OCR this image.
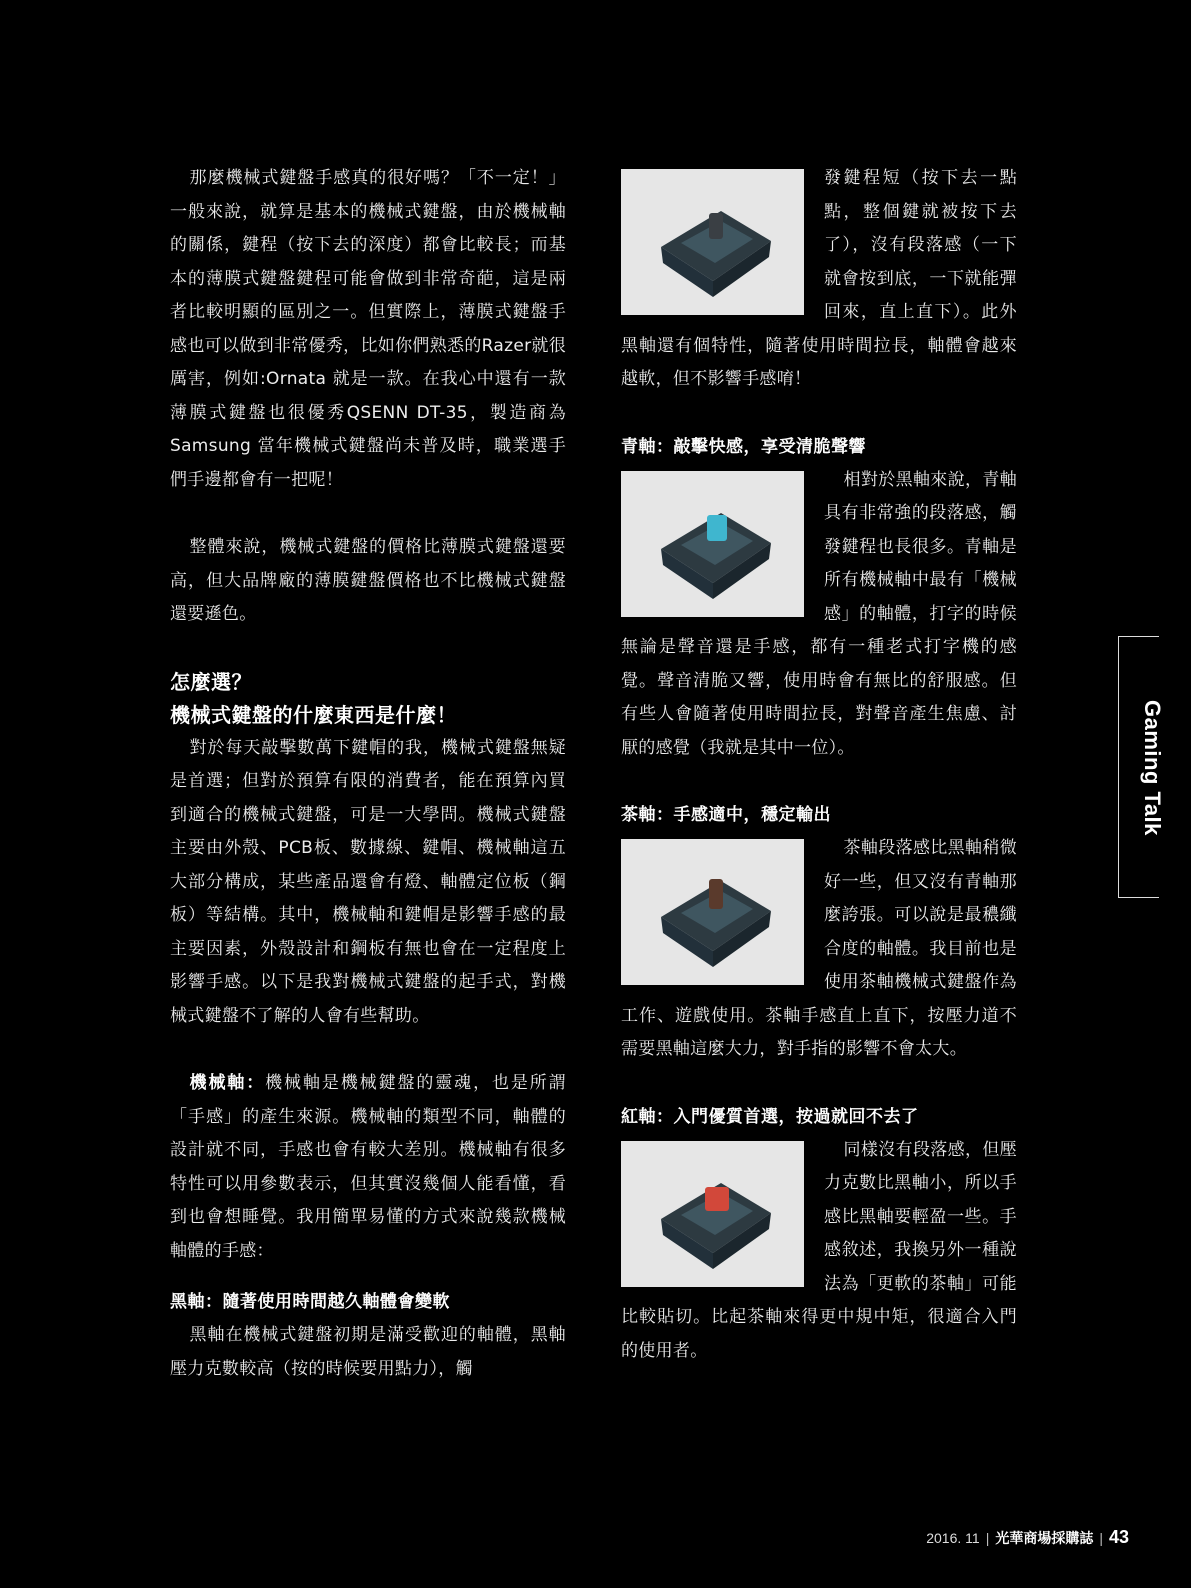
那麼機械式鍵盤手感真的很好嗎？「不一定！」一般來說，就算是基本的機械式鍵盤，由於機械軸的關係，鍵程（按下去的深度）都會比較長；而基本的薄膜式鍵盤鍵程可能會做到非常奇葩，這是兩者比較明顯的區別之一。但實際上，薄膜式鍵盤手感也可以做到非常優秀，比如你們熟悉的Razer就很厲害，例如:Ornata 就是一款。在我心中還有一款薄膜式鍵盤也很優秀QSENN DT-35，製造商為Samsung 當年機械式鍵盤尚未普及時，職業選手們手邊都會有一把呢！

整體來說，機械式鍵盤的價格比薄膜式鍵盤還要高，但大品牌廠的薄膜鍵盤價格也不比機械式鍵盤還要遜色。

怎麼選？
機械式鍵盤的什麼東西是什麼！

對於每天敲擊數萬下鍵帽的我，機械式鍵盤無疑是首選；但對於預算有限的消費者，能在預算內買到適合的機械式鍵盤，可是一大學問。機械式鍵盤主要由外殼、PCB板、數據線、鍵帽、機械軸這五大部分構成，某些產品還會有燈、軸體定位板（鋼板）等結構。其中，機械軸和鍵帽是影響手感的最主要因素，外殼設計和鋼板有無也會在一定程度上影響手感。以下是我對機械式鍵盤的起手式，對機械式鍵盤不了解的人會有些幫助。

機械軸：機械軸是機械鍵盤的靈魂，也是所謂「手感」的產生來源。機械軸的類型不同，軸體的設計就不同，手感也會有較大差別。機械軸有很多特性可以用參數表示，但其實沒幾個人能看懂，看到也會想睡覺。我用簡單易懂的方式來說幾款機械軸體的手感：

黑軸：隨著使用時間越久軸體會變軟

黑軸在機械式鍵盤初期是滿受歡迎的軸體，黑軸壓力克數較高（按的時候要用點力），觸

發鍵程短（按下去一點點，整個鍵就被按下去了），沒有段落感（一下就會按到底，一下就能彈回來，直上直下）。此外黑軸還有個特性，隨著使用時間拉長，軸體會越來越軟，但不影響手感唷！

青軸：敲擊快感，享受清脆聲響

相對於黑軸來說，青軸具有非常強的段落感，觸發鍵程也長很多。青軸是所有機械軸中最有「機械感」的軸體，打字的時候無論是聲音還是手感，都有一種老式打字機的感覺。聲音清脆又響，使用時會有無比的舒服感。但有些人會隨著使用時間拉長，對聲音產生焦慮、討厭的感覺（我就是其中一位）。

茶軸：手感適中，穩定輸出

茶軸段落感比黑軸稍微好一些，但又沒有青軸那麼誇張。可以說是最穠纖合度的軸體。我目前也是使用茶軸機械式鍵盤作為工作、遊戲使用。茶軸手感直上直下，按壓力道不需要黑軸這麼大力，對手指的影響不會太大。

紅軸：入門優質首選，按過就回不去了

同樣沒有段落感，但壓力克數比黑軸小，所以手感比黑軸要輕盈一些。手感敘述，我換另外一種說法為「更軟的茶軸」可能比較貼切。比起茶軸來得更中規中矩，很適合入門的使用者。

Gaming Talk
2016. 11 | 光華商場採購誌 | 43
